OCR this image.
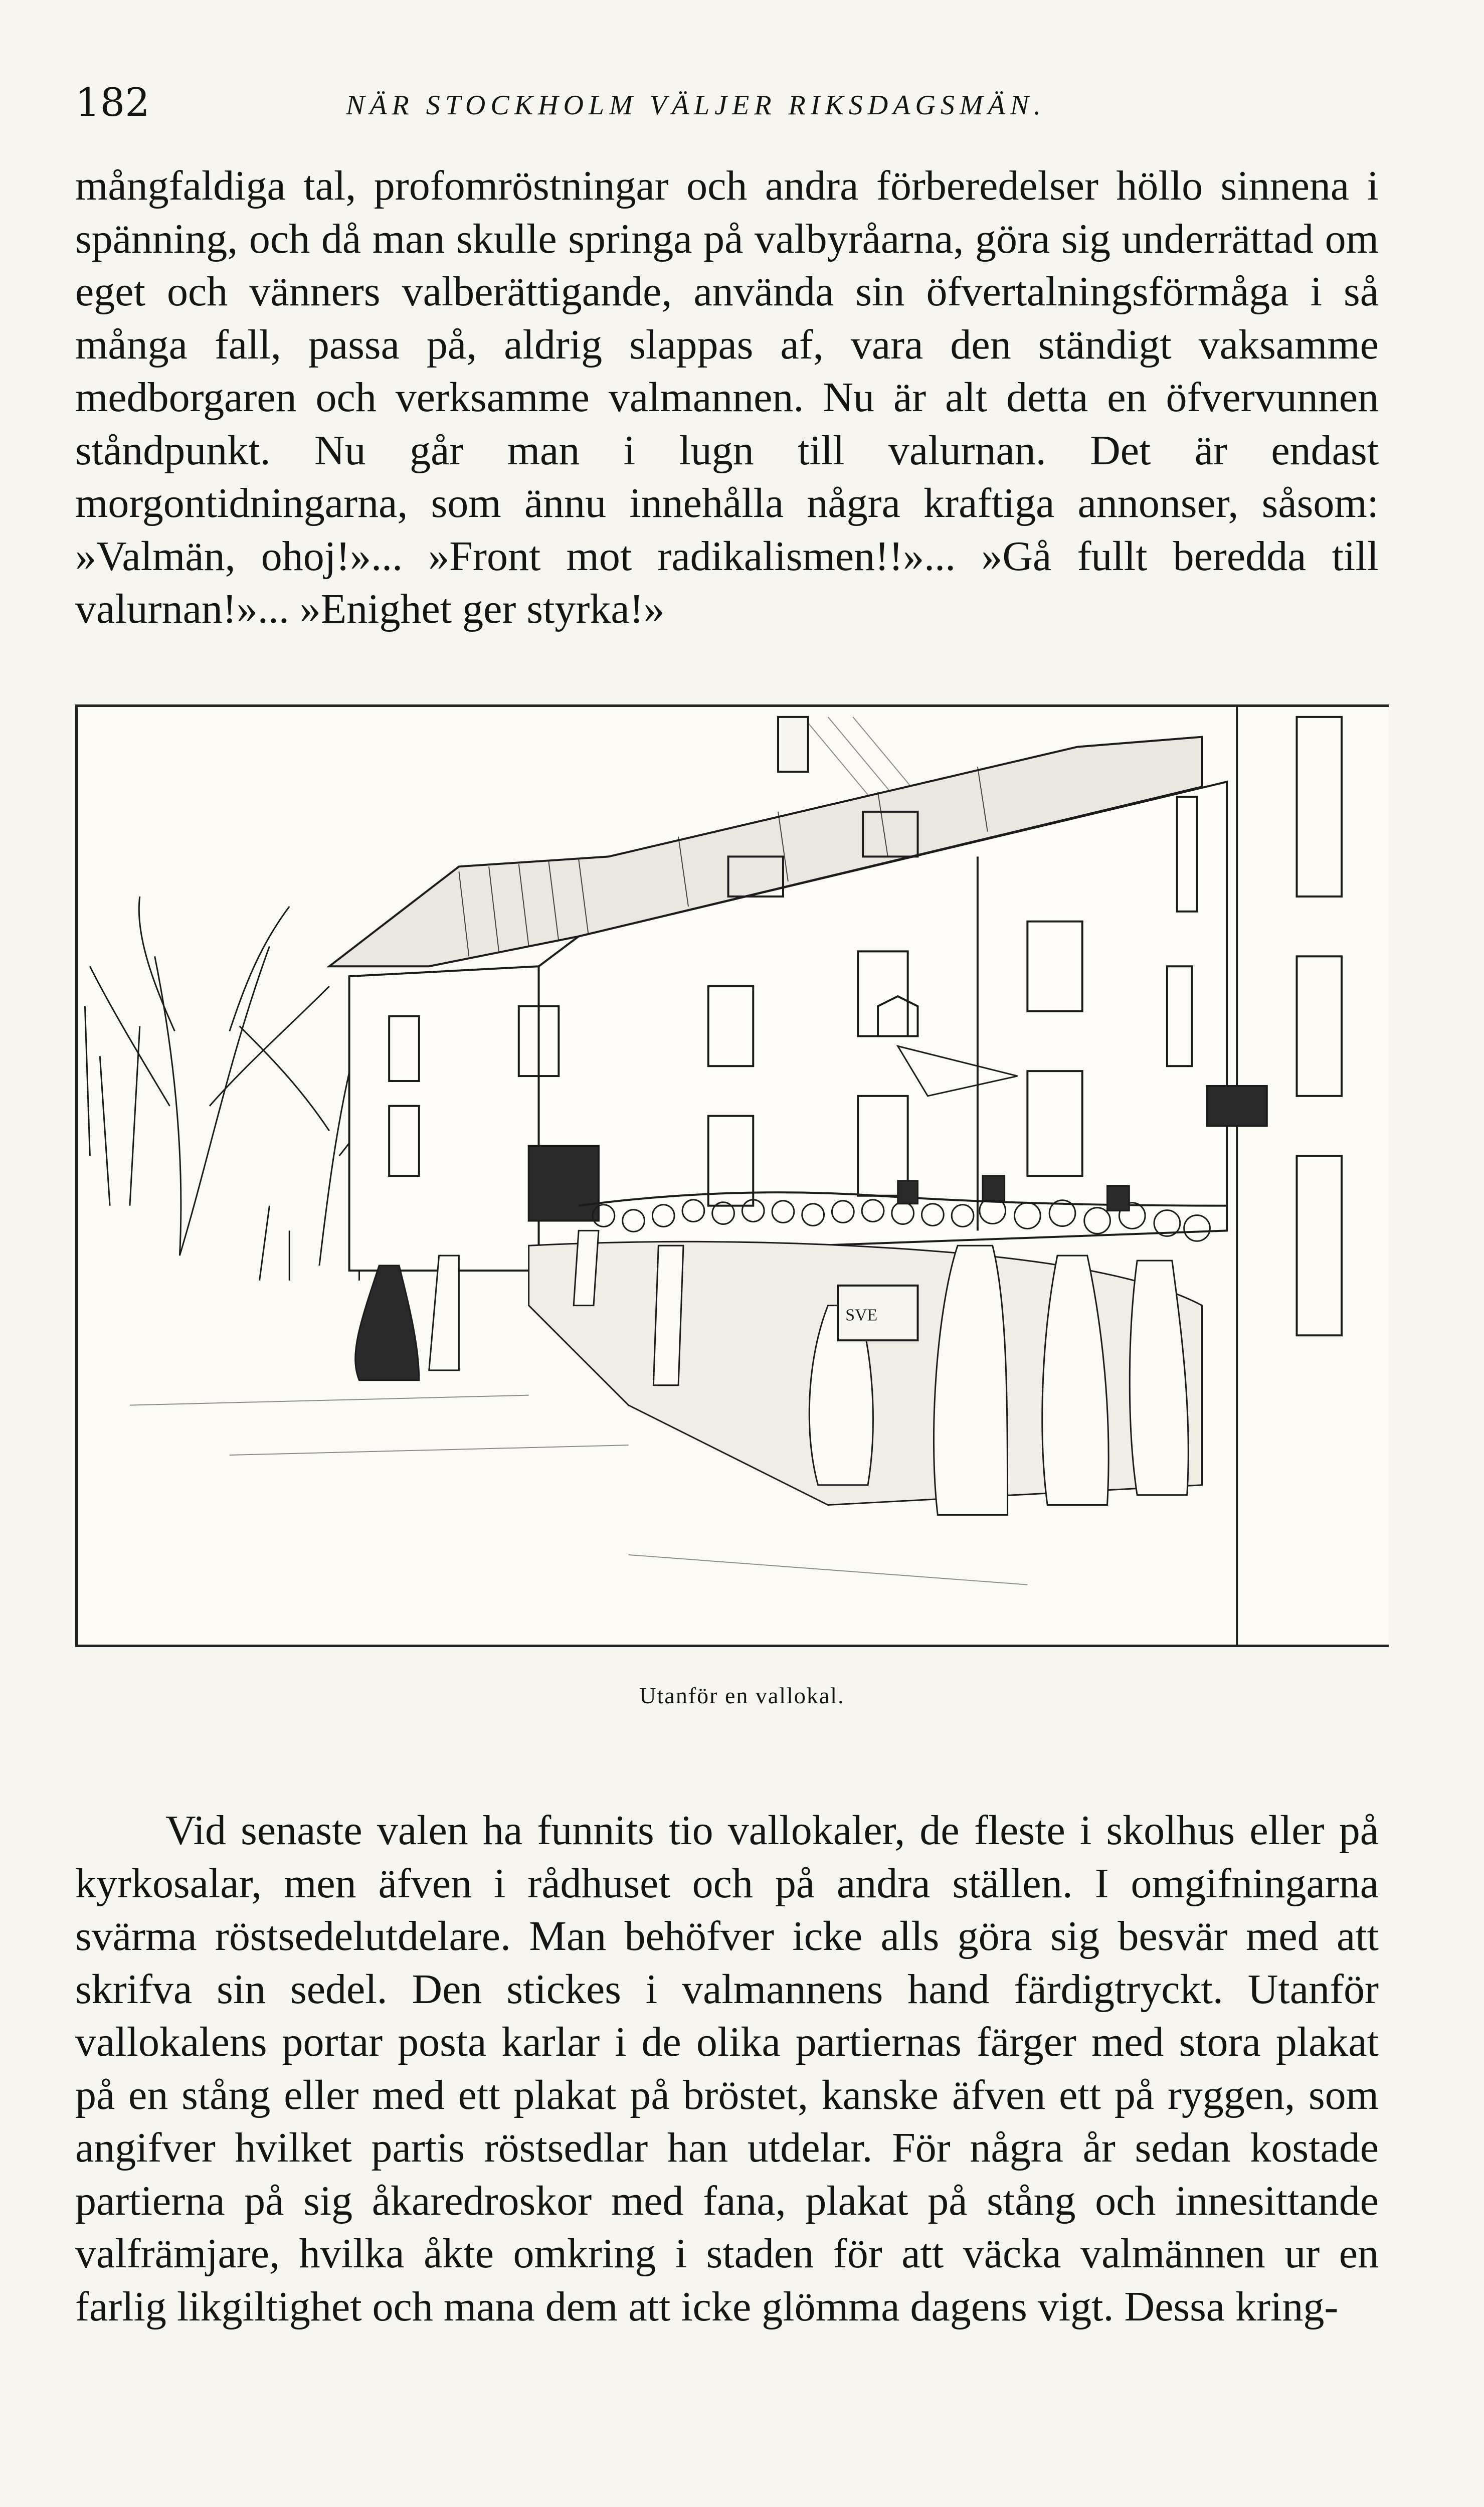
182	NÄR STOCKHOLM VÄLJER RIKSDAGSMÄN.

mångfaldiga tal, profomröstningar och andra förberedelser höllo sinnena i spänning, och då man skulle springa på valbyråarna, göra sig underrättad om eget och vänners valberättigande, använda sin öfvertalningsförmåga i så många fall, passa på, aldrig slappas af, vara den ständigt vaksamme medborgaren och verksamme valmannen. Nu är alt detta en öfvervunnen ståndpunkt. Nu går man i lugn till valurnan. Det är endast morgontidningarna, som ännu innehålla några kraftiga annonser, såsom: »Valmän, ohoj!»... »Front mot radikalismen!!»... »Gå fullt beredda till valurnan!»... »Enighet ger styrka!»

SVE
Utanför en vallokal.

Vid senaste valen ha funnits tio vallokaler, de fleste i skolhus eller på kyrkosalar, men äfven i rådhuset och på andra ställen. I omgifningarna svärma röstsedelutdelare. Man behöfver icke alls göra sig besvär med att skrifva sin sedel. Den stickes i valmannens hand färdigtryckt. Utanför vallokalens portar posta karlar i de olika partiernas färger med stora plakat på en stång eller med ett plakat på bröstet, kanske äfven ett på ryggen, som angifver hvilket partis röstsedlar han utdelar. För några år sedan kostade partierna på sig åkaredroskor med fana, plakat på stång och innesittande valfrämjare, hvilka åkte omkring i staden för att väcka valmännen ur en farlig likgiltighet och mana dem att icke glömma dagens vigt. Dessa kring-
